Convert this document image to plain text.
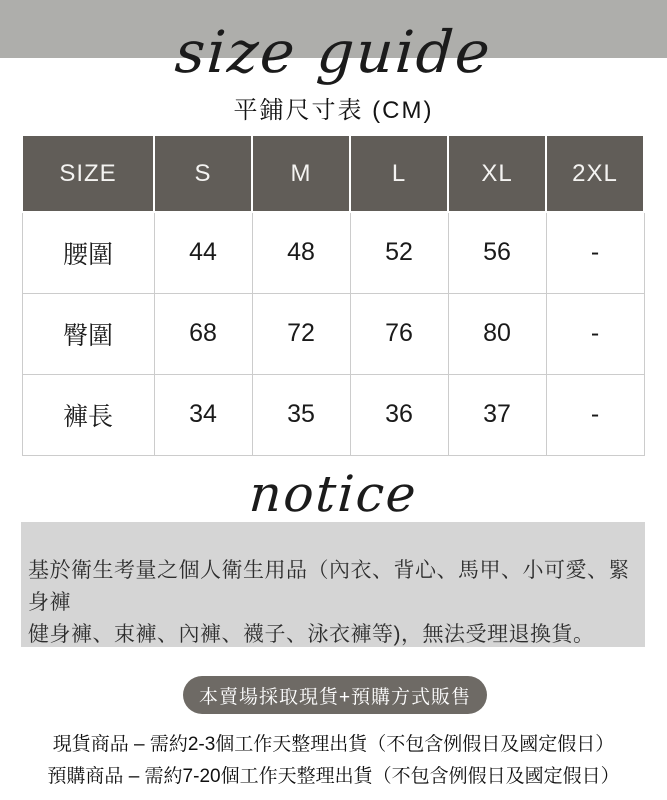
size guide
平鋪尺寸表 (CM)
SIZE	S	M	L	XL	2XL
腰圍	44	48	52	56	-
臀圍	68	72	76	80	-
褲長	34	35	36	37	-
notice
基於衛生考量之個人衛生用品（內衣、背心、馬甲、小可愛、緊身褲
健身褲、束褲、內褲、襪子、泳衣褲等)，無法受理退換貨。
本賣場採取現貨+預購方式販售
現貨商品 – 需約2-3個工作天整理出貨（不包含例假日及國定假日）
預購商品 – 需約7-20個工作天整理出貨（不包含例假日及國定假日）
